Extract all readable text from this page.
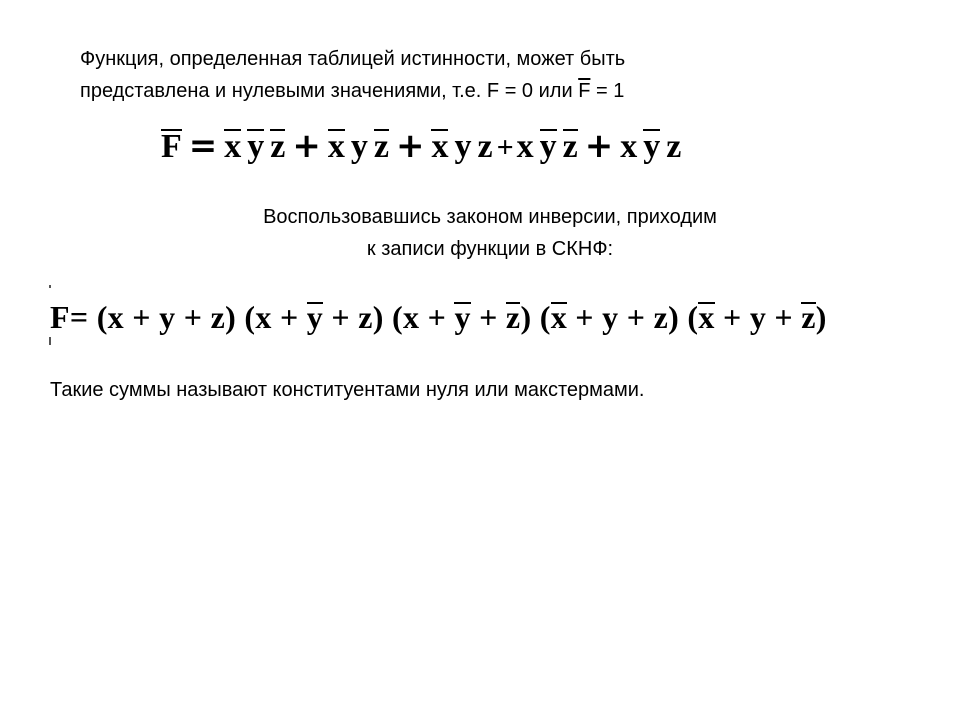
Функция, определенная таблицей истинности, может быть
представлена и нулевыми значениями, т.е. F = 0 или $\overline{F} = 1$

F = x y z + x y z + x y z +x y z + x y z

Воспользовавшись законом инверсии, приходим
к записи функции в СКНФ:

F= (x + y + z) (x + y + z) (x + y + z) (x + y + z) (x + y + z)

Такие суммы называют конституентами нуля или макстермами.
